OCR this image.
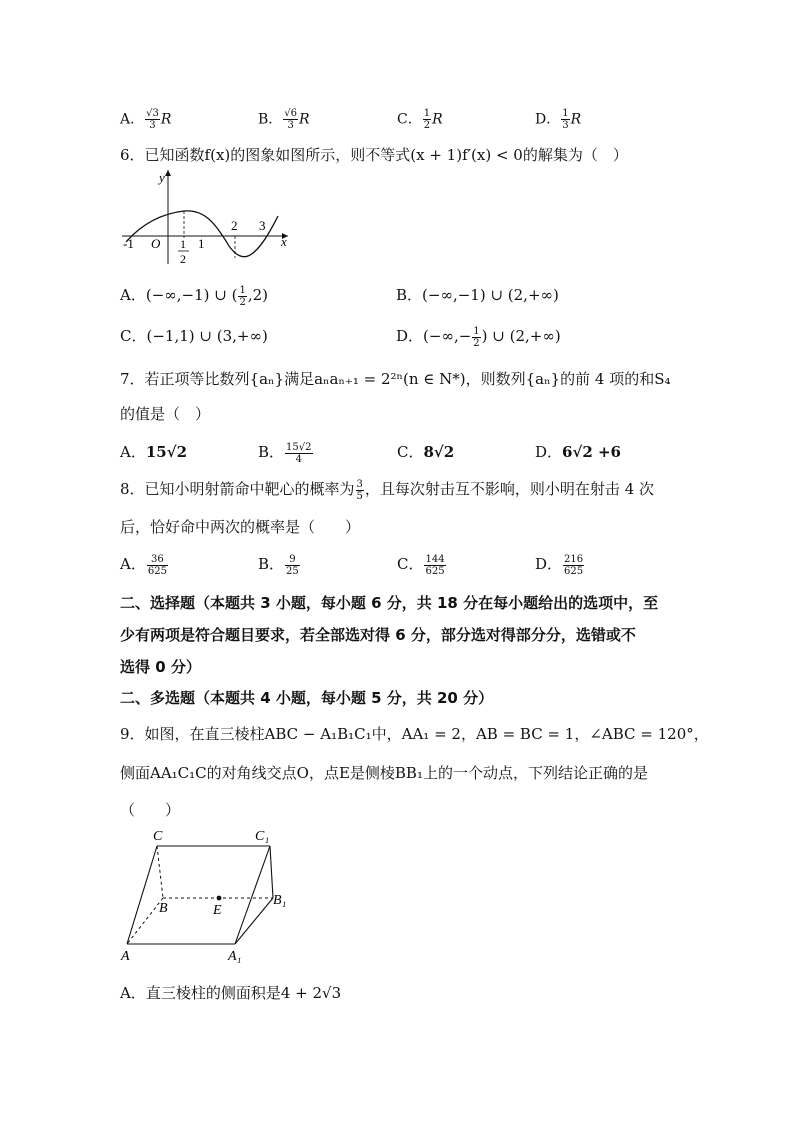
A． $\frac{√3}{3}$ R	B． $\frac{√6}{3}$ R	C． $\frac{1}{2}$ R	D． $\frac{1}{3}$ R
6．已知函数f(x)的图象如图所示，则不等式(x + 1)f′(x) < 0的解集为（　）
y
x
O
-1	1
2
1
2 3
A．(−∞,−1) ∪ ( $\frac{1}{2} ,2$)	B．(−∞,−1) ∪ (2,+∞)
C．(−1,1) ∪ (3,+∞)	D．(−∞,− $\frac{1}{2}$ ) ∪ (2,+∞)
7．若正项等比数列{aₙ}满足aₙaₙ₊₁ = 2²ⁿ(n ∈ N*)，则数列{aₙ}的前 4 项的和S₄
的值是（　）
A．15√2	B． $\frac{15√2}{4}$	C．8√2	D．6√2 +6
8．已知小明射箭命中靶心的概率为 $\frac{3}{5}$ ，且每次射击互不影响，则小明在射击 4 次
后，恰好命中两次的概率是（　　）
A． $\frac{36}{625}$	B． $\frac{9}{25}$	C． $\frac{144}{625}$	D． $\frac{216}{625}$
二、选择题（本题共 3 小题，每小题 6 分，共 18 分在每小题给出的选项中，至
少有两项是符合题目要求，若全部选对得 6 分，部分选对得部分分，选错或不
选得 0 分）
二、多选题（本题共 4 小题，每小题 5 分，共 20 分）
9．如图，在直三棱柱ABC − A₁B₁C₁中，AA₁ = 2，AB = BC = 1，∠ABC = 120°，
侧面AA₁C₁C的对角线交点O，点E是侧棱BB₁上的一个动点，下列结论正确的是
（　　）
C	C₁
B	E
B₁
A	A₁
A．直三棱柱的侧面积是4 + 2√3
